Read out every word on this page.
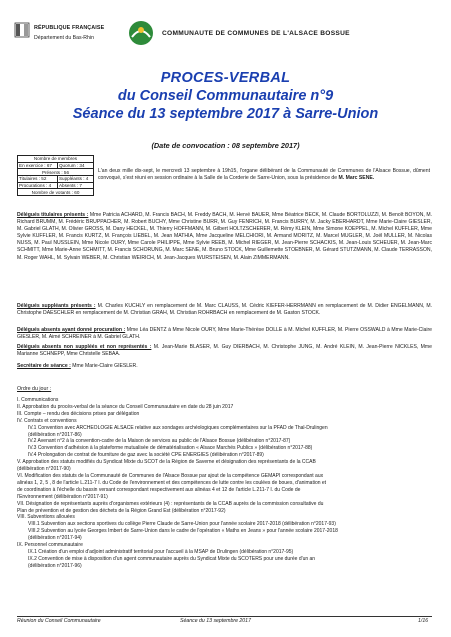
RÉPUBLIQUE FRANÇAISE
Département du Bas-Rhin
COMMUNAUTE DE COMMUNES DE L'ALSACE BOSSUE
PROCES-VERBAL
du Conseil Communautaire n°9
Séance du 13 septembre 2017 à Sarre-Union
(Date de convocation : 08 septembre 2017)
Nombre de membres	
En exercice : 67	Quorum : 34
Présents : 56	
Titulaires : 52	Suppléants : 4
Procurations : 4	Absents : 7
Nombre de votants : 60	
L'an deux mille dix-sept, le mercredi 13 septembre à 19h15, l'organe délibérant de la Communauté de Communes de l'Alsace Bossue, dûment convoqué, s'est réuni en session ordinaire à la Salle de la Corderie de Sarre-Union, sous la présidence de M. Marc SENE.
Délégués titulaires présents : Mme Patricia ACHARD, M. Francis BACH, M. Freddy BACH, M. Hervé BAUER, Mme Béatrice BECK, M. Claude BORTOLUZZI, M. Benoît BOYON, M. Richard BRUMM, M. Frédéric BRUPPACHER, M. Robert BUCHY, Mme Christine BURR, M. Guy FENRICH, M. Francis BURRY, M. Jacky EBERHARDT, Mme Marie-Claire GIESLER, M. Gabriel GLATH, M. Olivier GROSS, M. Dany HECKEL, M. Thierry HOFFMANN, M. Gilbert HOLTZSCHERER, M. Rémy KLEIN, Mme Simone KOEPPEL, M. Michel KUFFLER, Mme Sylvie KUFFLER, M. Francis KURTZ, M. François LIEBEL, M. Jean MATHIA, Mme Jacqueline MELCHIORI, M. Armand MORITZ, M. Marcel MUGLER, M. Joël MULLER, M. Nicolas NUSS, M. Paul NUSSLEIN, Mme Nicole OURY, Mme Carole PHILIPPE, Mme Sylvie REEB, M. Michel RIEGER, M. Jean-Pierre SCHACKIS, M. Jean-Louis SCHEUER, M. Jean-Marc SCHMITT, Mme Marie-Anne SCHMITT, M. Francis SCHORUNG, M. Marc SENE, M. Bruno STOCK, Mme Guillemette STOEBNER, M. Gérard STUTZMANN, M. Claude TERRASSON, M. Roger WAHL, M. Sylvain WEBER, M. Christian WEIRICH, M. Jean-Jacques WURSTEISEN, M. Alain ZIMMERMANN.
Délégués suppléants présents : M. Charles KUCHLY en remplacement de M. Marc CLAUSS, M. Cédric KIEFER-HERRMANN en remplacement de M. Didier ENGELMANN, M. Christophe DAESCHLER en remplacement de M. Christian GRAH, M. Christian ROHRBACH en remplacement de M. Gaston STOCK.
Délégués absents ayant donné procuration : Mme Léa DENTZ à Mme Nicole OURY, Mme Marie-Thérèse DOLLE à M. Michel KUFFLER, M. Pierre OSSWALD à Mme Marie-Claire GIESLER, M. Aimé SCHREINER à M. Gabriel GLATH.
Délégués absents non suppléés et non représentés : M. Jean-Marie BLASER, M. Guy DIERBACH, M. Christophe JUNG, M. André KLEIN, M. Jean-Pierre NICKLES, Mme Marianne SCHNEPP, Mme Christelle SEBAA.
Secrétaire de séance : Mme Marie-Claire GIESLER.
Ordre du jour :
I. Communications
II. Approbation du procès-verbal de la séance du Conseil Communautaire en date du 28 juin 2017
III. Compte – rendu des décisions prises par délégation
IV. Contrats et conventions
IV.1 Convention avec ARCHEOLOGIE ALSACE relative aux sondages archéologiques complémentaires sur la PFAD de Thal-Drulingen
(délibération n°2017-86)
IV.2 Avenant n°2 à la convention-cadre de la Maison de services au public de l'Alsace Bossue (délibération n°2017-87)
IV.3 Convention d'adhésion à la plateforme mutualisée de dématérialisation « Alsace Marchés Publics » (délibération n°2017-88)
IV.4 Prolongation de contrat de fourniture de gaz avec la société CPE ENERGIES (délibération n°2017-89)
V. Approbation des statuts modifiés du Syndicat Mixte du SCOT de la Région de Saverne et désignation des représentants de la CCAB
(délibération n°2017-90)
VI. Modification des statuts de la Communauté de Communes de l'Alsace Bossue par ajout de la compétence GEMAPI correspondant aux
alinéas 1, 2, 5 , 8 de l'article L.211-7 I. du Code de l'environnement et des compétences de lutte contre les coulées de boues, d'animation et
de coordination à l'échelle du bassin versant correspondant respectivement aux alinéas 4 et 12 de l'article L.211-7 I. du Code de
l'Environnement (délibération n°2017-91)
VII. Désignation de représentants auprès d'organismes extérieurs (4) : représentants de la CCAB auprès de la commission consultative du
Plan de prévention et de gestion des déchets de la Région Grand Est (délibération n°2017-92)
VIII. Subventions allouées
VIII.1 Subvention aux sections sportives du collège Pierre Claude de Sarre-Union pour l'année scolaire 2017-2018 (délibération n°2017-93)
VIII.2 Subvention au lycée Georges Imbert de Sarre-Union dans le cadre de l'opération « Maths en Jeans » pour l'année scolaire 2017-2018
(délibération n°2017-94)
IX. Personnel communautaire
IX.1 Création d'un emploi d'adjoint administratif territorial pour l'accueil à la MSAP de Drulingen (délibération n°2017-95)
IX.2 Convention de mise à disposition d'un agent communautaire auprès du Syndicat Mixte du SCOTERS pour une durée d'un an
(délibération n°2017-96)
Réunion du Conseil Communautaire	Séance du 13 septembre 2017	1/16
